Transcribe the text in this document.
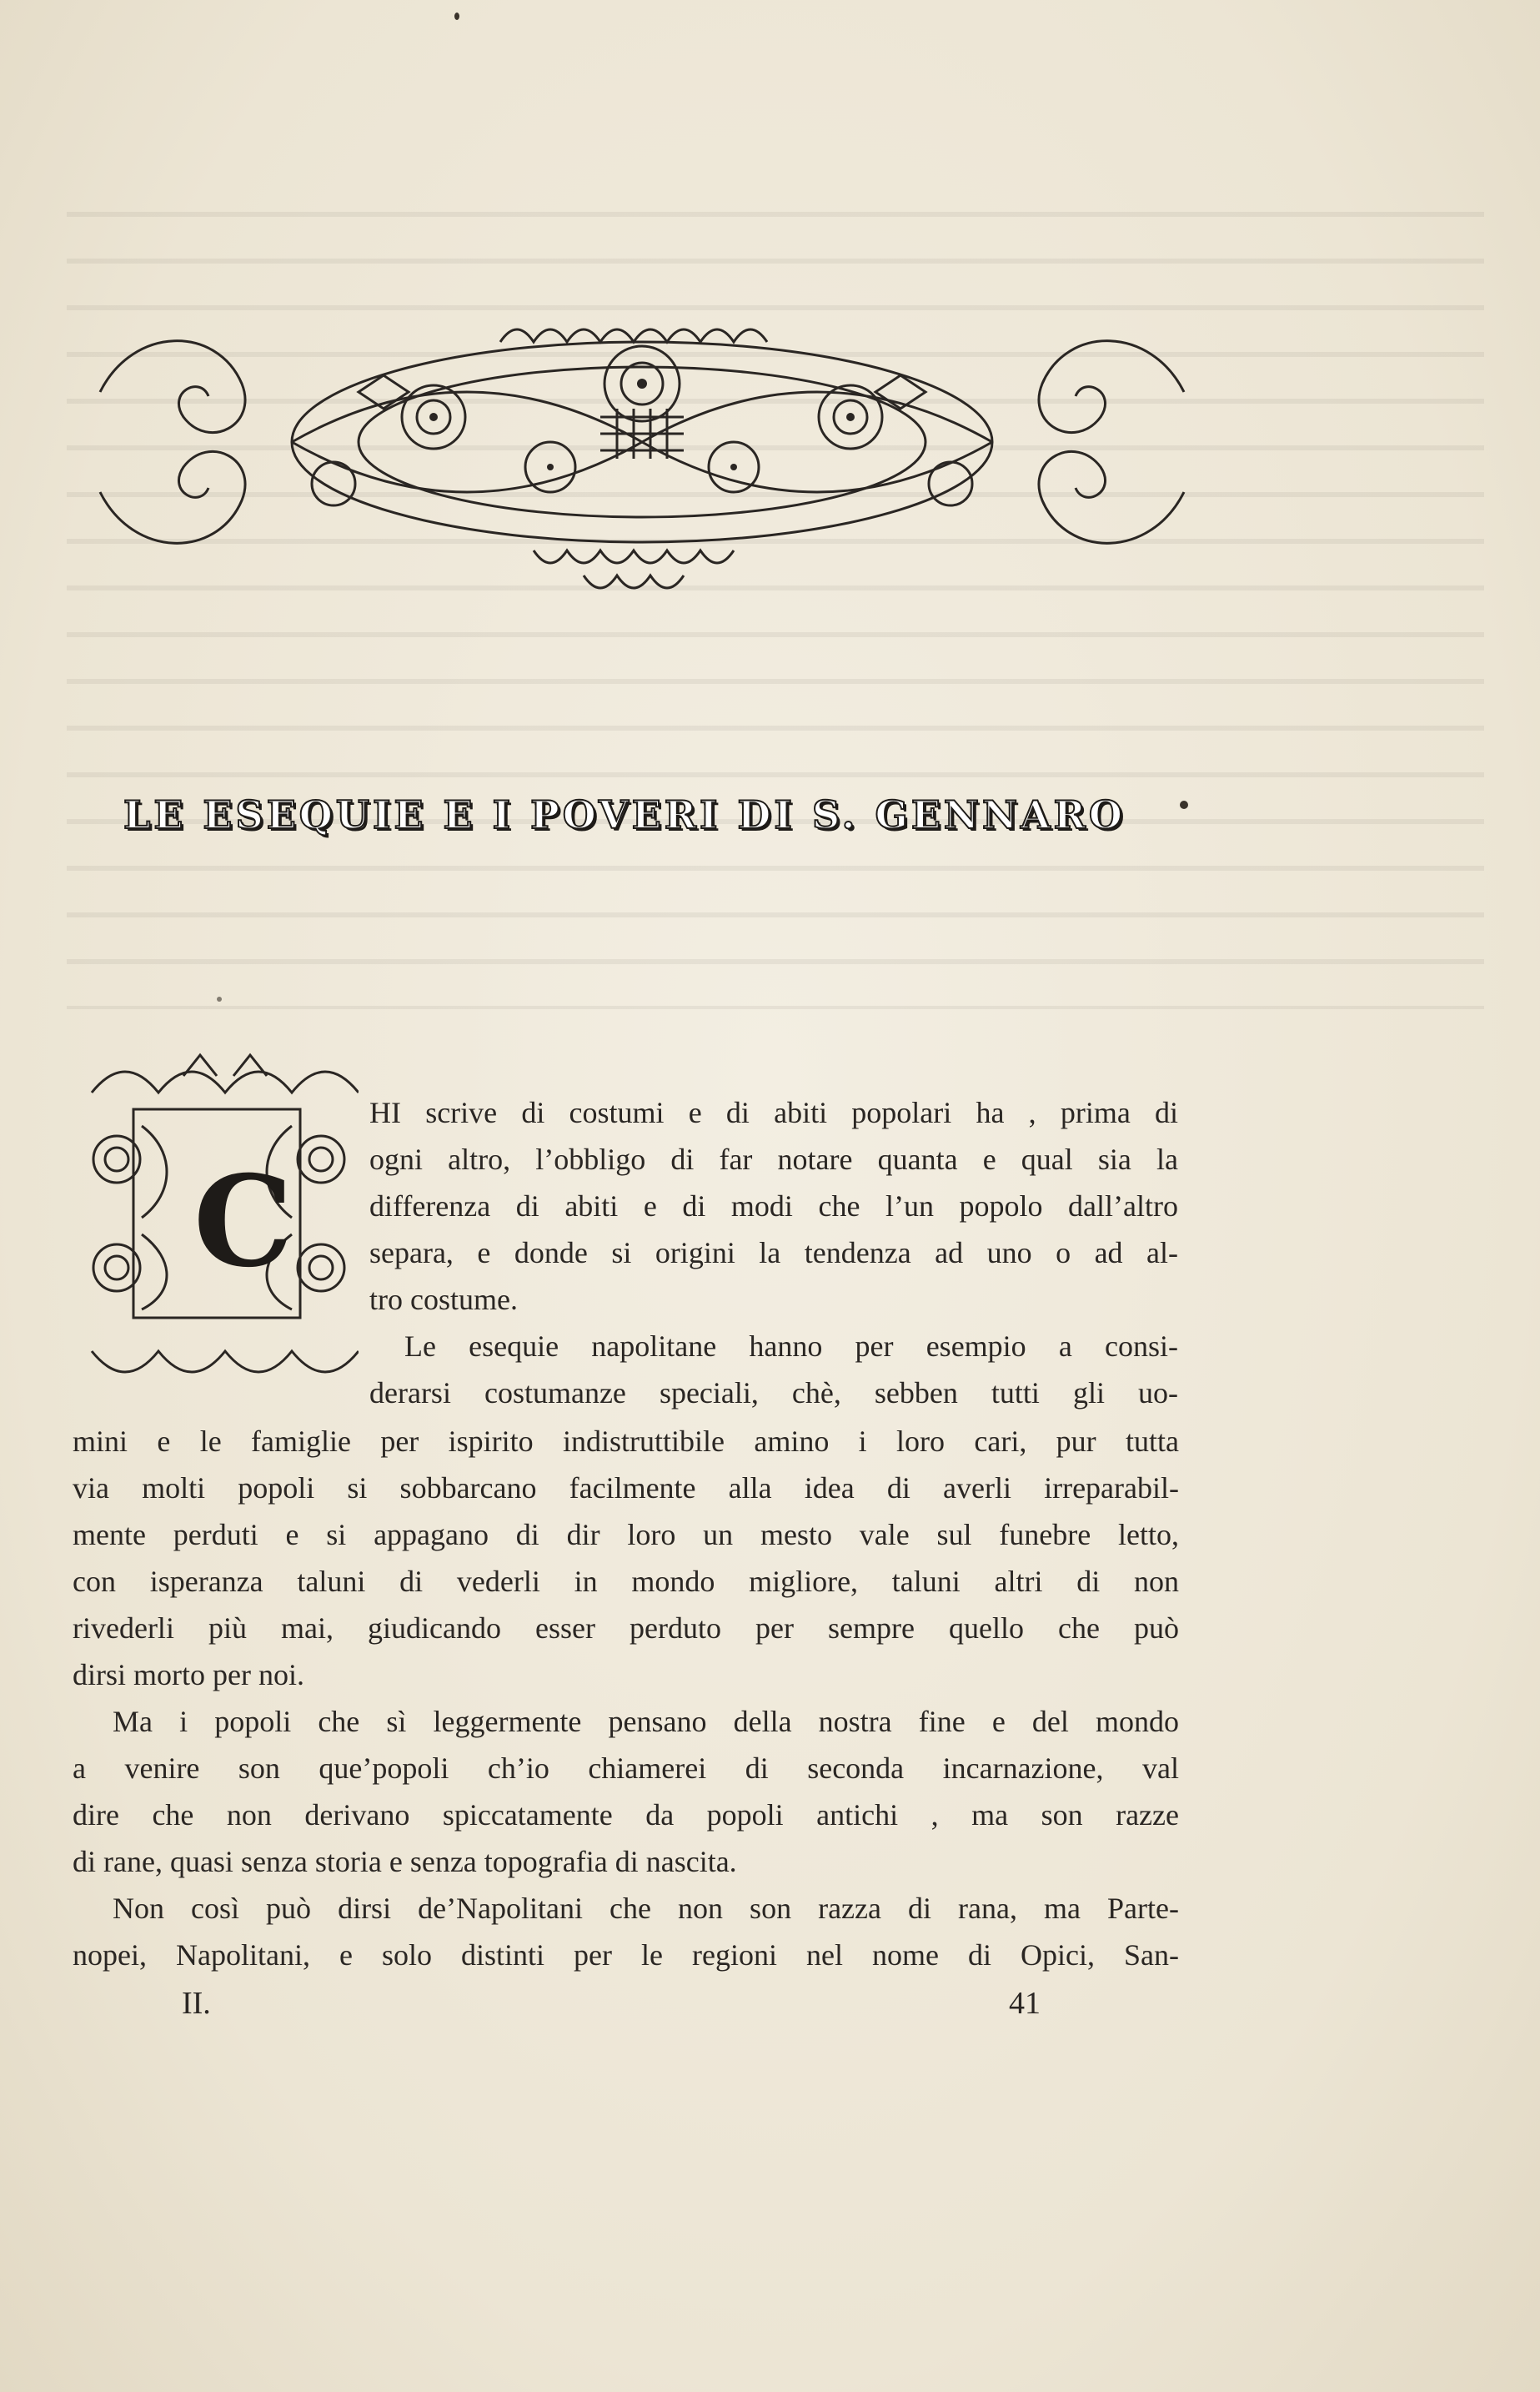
LE ESEQUIE E I POVERI DI S. GENNARO
C
HI scrive di costumi e di abiti popolari ha , prima di
ogni altro, l’obbligo di far notare quanta e qual sia la
differenza di abiti e di modi che l’un popolo dall’altro
separa, e donde si origini la tendenza ad uno o ad al-
tro costume.
Le esequie napolitane hanno per esempio a consi-
derarsi costumanze speciali, chè, sebben tutti gli uo-
mini e le famiglie per ispirito indistruttibile amino i loro cari, pur tutta
via molti popoli si sobbarcano facilmente alla idea di averli irreparabil-
mente perduti e si appagano di dir loro un mesto vale sul funebre letto,
con isperanza taluni di vederli in mondo migliore, taluni altri di non
rivederli più mai, giudicando esser perduto per sempre quello che può
dirsi morto per noi.
Ma i popoli che sì leggermente pensano della nostra fine e del mondo
a venire son que’popoli ch’io chiamerei di seconda incarnazione, val
dire che non derivano spiccatamente da popoli antichi , ma son razze
di rane, quasi senza storia e senza topografia di nascita.
Non così può dirsi de’Napolitani che non son razza di rana, ma Parte-
nopei, Napolitani, e solo distinti per le regioni nel nome di Opici, San-
II.	41
